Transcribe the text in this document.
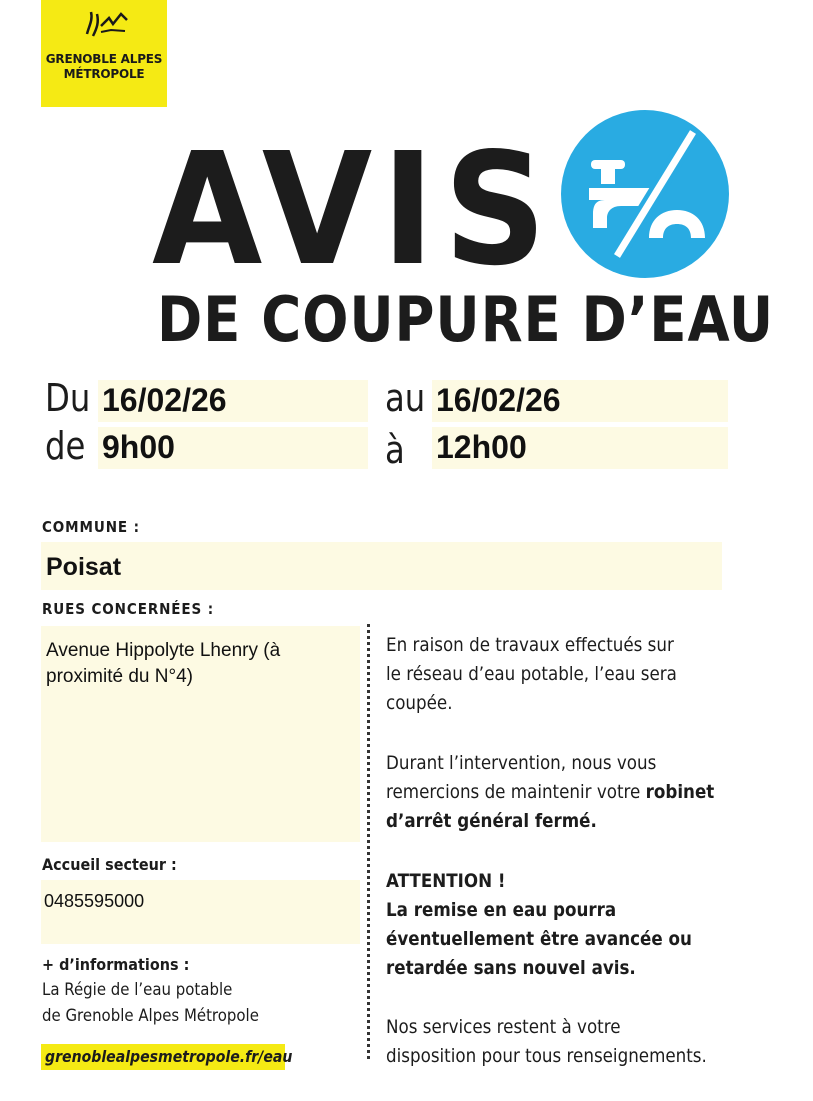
GRENOBLE ALPES
MÉTROPOLE
AVIS
DE COUPURE D’EAU
Du 16/02/26	au 16/02/26
de 9h00	à 12h00
COMMUNE :
Poisat
RUES CONCERNÉES :
Avenue Hippolyte Lhenry (à
proximité du N°4)
Accueil secteur :
0485595000
+ d’informations :
La Régie de l’eau potable
de Grenoble Alpes Métropole
grenoblealpesmetropole.fr/eau
En raison de travaux effectués sur
le réseau d’eau potable, l’eau sera
coupée.
Durant l’intervention, nous vous
remercions de maintenir votre robinet
d’arrêt général fermé.
ATTENTION !
La remise en eau pourra
éventuellement être avancée ou
retardée sans nouvel avis.
Nos services restent à votre
disposition pour tous renseignements.
